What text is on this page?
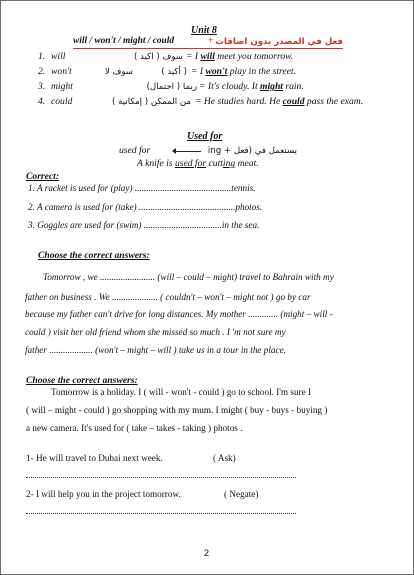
Unit 8
will / won't / might / could	+ فعل في المصدر بدون اضافات
1. will	سوف ( اكيد ) = I will meet you tomorrow.
2. won't	سوف لا	( أكيد ) = I won't play in the street.
3. might	ربما ( احتمال) = It's cloudy. It might rain.
4. could	من الممكن ( إمكانية ) = He studies hard. He could pass the exam.
Used for
used for	يستعمل في (فعل + ing
A knife is used for cutting meat.
Correct:
1. A racket is used for (play) ..........................................tennis.
2. A camera is used for (take) ..........................................photos.
3. Goggles are used for (swim) ..................................in the sea.
Choose the correct answers:
Tomorrow , we ........................ (will – could – might) travel to Bahrain with my
father on business . We .................... ( couldn't – won't – might not ) go by car
because my father can't drive for long distances. My mother ............. (might – will -
could ) visit her old friend whom she missed so much . I 'm not sure my
father ................... (won't – might – will ) take us in a tour in the place.
Choose the correct answers:
Tomorrow is a holiday. I ( will - won't - could ) go to school. I'm sure I
( will – might - could ) go shopping with my mum. I might ( buy - buys - buying )
a new camera. It's used for ( take – takes - taking ) photos .
1- He will travel to Dubai next week.	( Ask)
2- I will help you in the project tomorrow.	( Negate)
2
